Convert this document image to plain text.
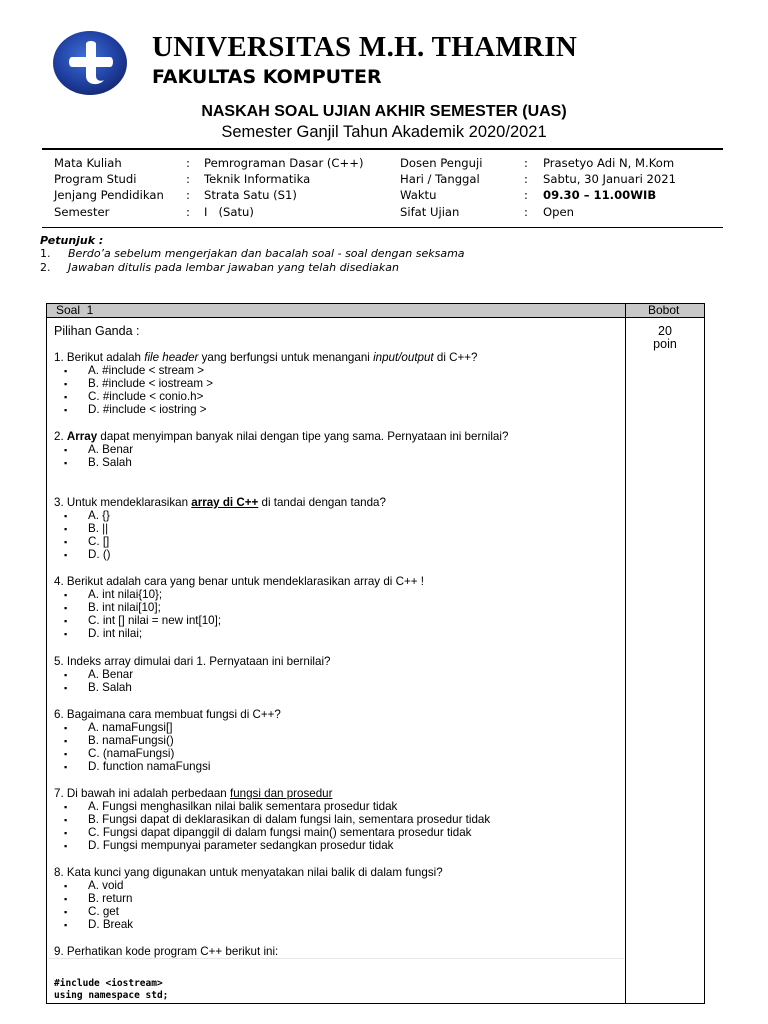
UNIVERSITAS M.H. THAMRIN
FAKULTAS KOMPUTER
NASKAH SOAL UJIAN AKHIR SEMESTER (UAS)
Semester Ganjil Tahun Akademik 2020/2021
Mata Kuliah
Program Studi
Jenjang Pendidikan
Semester
:
:
:
:
Pemrograman Dasar (C++)
Teknik Informatika
Strata Satu (S1)
I   (Satu)
Dosen Penguji
Hari / Tanggal
Waktu
Sifat Ujian
:
:
:
:
Prasetyo Adi N, M.Kom
Sabtu, 30 Januari 2021
09.30 – 11.00WIB
Open
Petunjuk :
1. Berdo’a sebelum mengerjakan dan bacalah soal - soal dengan seksama
2. Jawaban ditulis pada lembar jawaban yang telah disediakan
Soal  1	Bobot
20
poin
Pilihan Ganda :
1. Berikut adalah file header yang berfungsi untuk menangani input/output di C++?
▪ A. #include < stream >
▪ B. #include < iostream >
▪ C. #include < conio.h>
▪ D. #include < iostring >
2. Array dapat menyimpan banyak nilai dengan tipe yang sama. Pernyataan ini bernilai?
▪ A. Benar
▪ B. Salah
3. Untuk mendeklarasikan array di C++ di tandai dengan tanda?
▪ A. {}
▪ B. ||
▪ C. []
▪ D. ()
4. Berikut adalah cara yang benar untuk mendeklarasikan array di C++ !
▪ A. int nilai{10};
▪ B. int nilai[10];
▪ C. int [] nilai = new int[10];
▪ D. int nilai;
5. Indeks array dimulai dari 1. Pernyataan ini bernilai?
▪ A. Benar
▪ B. Salah
6. Bagaimana cara membuat fungsi di C++?
▪ A. namaFungsi[]
▪ B. namaFungsi()
▪ C. (namaFungsi)
▪ D. function namaFungsi
7. Di bawah ini adalah perbedaan fungsi dan prosedur
▪ A. Fungsi menghasilkan nilai balik sementara prosedur tidak
▪ B. Fungsi dapat di deklarasikan di dalam fungsi lain, sementara prosedur tidak
▪ C. Fungsi dapat dipanggil di dalam fungsi main() sementara prosedur tidak
▪ D. Fungsi mempunyai parameter sedangkan prosedur tidak
8. Kata kunci yang digunakan untuk menyatakan nilai balik di dalam fungsi?
▪ A. void
▪ B. return
▪ C. get
▪ D. Break
9. Perhatikan kode program C++ berikut ini:
#include <iostream>
using namespace std;
